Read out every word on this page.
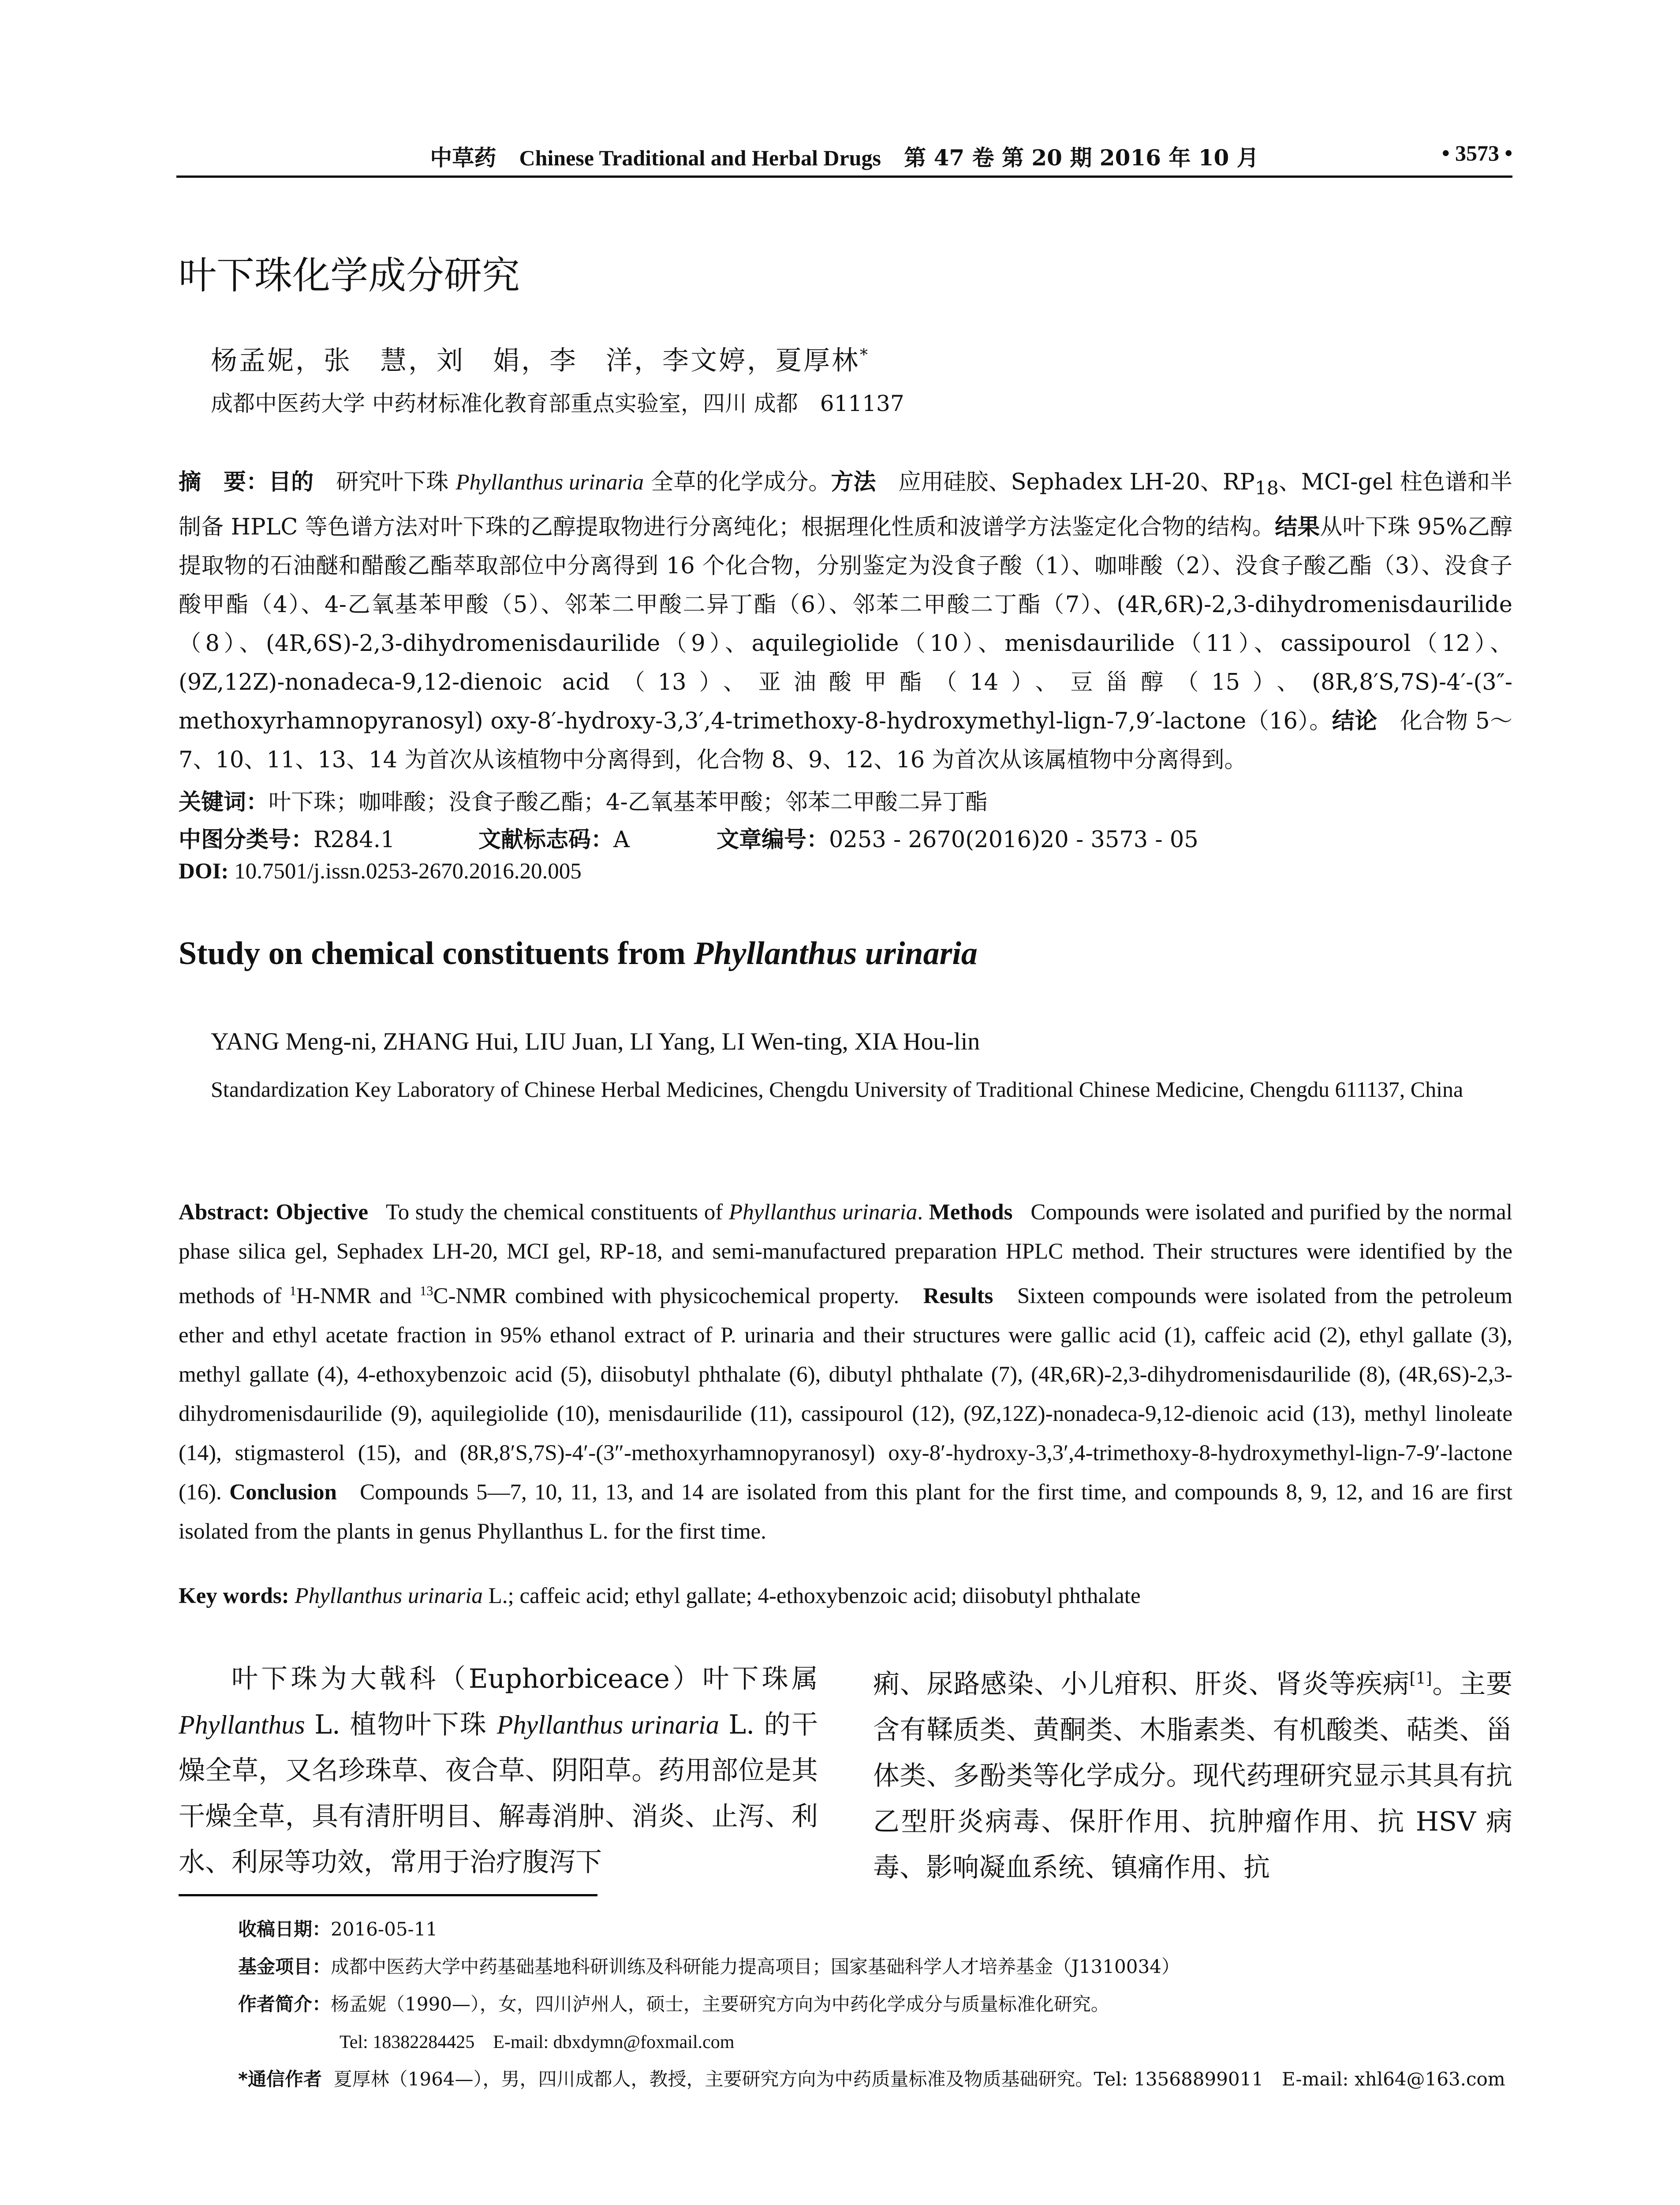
中草药 Chinese Traditional and Herbal Drugs 第 47 卷 第 20 期 2016 年 10 月	• 3573 •
叶下珠化学成分研究
杨孟妮，张　慧，刘　娟，李　洋，李文婷，夏厚林*
成都中医药大学 中药材标准化教育部重点实验室，四川 成都　611137
摘　要：目的　 研究叶下珠 Phyllanthus urinaria 全草的化学成分。方法　 应用硅胶、Sephadex LH-20、$RP_{18}$、MCI-gel 柱色谱和半制备 HPLC 等色谱方法对叶下珠的乙醇提取物进行分离纯化；根据理化性质和波谱学方法鉴定化合物的结构。结果从叶下珠 95%乙醇提取物的石油醚和醋酸乙酯萃取部位中分离得到 16 个化合物，分别鉴定为没食子酸（1）、咖啡酸（2）、没食子酸乙酯（3）、没食子酸甲酯（4）、4-乙氧基苯甲酸（5）、邻苯二甲酸二异丁酯（6）、邻苯二甲酸二丁酯（7）、(4R,6R)-2,3-dihydromenisdaurilide（8）、(4R,6S)-2,3-dihydromenisdaurilide（9）、aquilegiolide（10）、menisdaurilide（11）、cassipourol（12）、(9Z,12Z)-nonadeca-9,12-dienoic acid（13）、亚油酸甲酯（14）、豆甾醇（15）、(8R,8′S,7S)-4′-(3″-methoxyrhamnopyranosyl) oxy-8′-hydroxy-3,3′,4-trimethoxy-8-hydroxymethyl-lign-7,9′-lactone（16）。结论　 化合物 5～7、10、11、13、14 为首次从该植物中分离得到，化合物 8、9、12、16 为首次从该属植物中分离得到。
关键词：叶下珠；咖啡酸；没食子酸乙酯；4-乙氧基苯甲酸；邻苯二甲酸二异丁酯
中图分类号：R284.1	文献标志码：A	文章编号：0253 - 2670(2016)20 - 3573 - 05
DOI: 10.7501/j.issn.0253-2670.2016.20.005
Study on chemical constituents from Phyllanthus urinaria
YANG Meng-ni, ZHANG Hui, LIU Juan, LI Yang, LI Wen-ting, XIA Hou-lin
Standardization Key Laboratory of Chinese Herbal Medicines, Chengdu University of Traditional Chinese Medicine, Chengdu 611137, China
Abstract: Objective To study the chemical constituents of Phyllanthus urinaria. Methods Compounds were isolated and purified by the normal phase silica gel, Sephadex LH-20, MCI gel, RP-18, and semi-manufactured preparation HPLC method. Their structures were identified by the methods of $^1$H-NMR and $^{13}$C-NMR combined with physicochemical property. Results Sixteen compounds were isolated from the petroleum ether and ethyl acetate fraction in 95% ethanol extract of P. urinaria and their structures were gallic acid (1), caffeic acid (2), ethyl gallate (3), methyl gallate (4), 4-ethoxybenzoic acid (5), diisobutyl phthalate (6), dibutyl phthalate (7), (4R,6R)-2,3-dihydromenisdaurilide (8), (4R,6S)-2,3-dihydromenisdaurilide (9), aquilegiolide (10), menisdaurilide (11), cassipourol (12), (9Z,12Z)-nonadeca-9,12-dienoic acid (13), methyl linoleate (14), stigmasterol (15), and (8R,8′S,7S)-4′-(3″-methoxyrhamnopyranosyl) oxy-8′-hydroxy-3,3′,4-trimethoxy-8-hydroxymethyl-lign-7-9′-lactone (16). Conclusion Compounds 5—7, 10, 11, 13, and 14 are isolated from this plant for the first time, and compounds 8, 9, 12, and 16 are first isolated from the plants in genus Phyllanthus L. for the first time.
Key words: Phyllanthus urinaria L.; caffeic acid; ethyl gallate; 4-ethoxybenzoic acid; diisobutyl phthalate
叶下珠为大戟科（Euphorbiceace）叶下珠属 Phyllanthus L. 植物叶下珠 Phyllanthus urinaria L. 的干燥全草，又名珍珠草、夜合草、阴阳草。药用部位是其干燥全草，具有清肝明目、解毒消肿、消炎、止泻、利水、利尿等功效，常用于治疗腹泻下
痢、尿路感染、小儿疳积、肝炎、肾炎等疾病[1]。主要含有鞣质类、黄酮类、木脂素类、有机酸类、萜类、甾体类、多酚类等化学成分。现代药理研究显示其具有抗乙型肝炎病毒、保肝作用、抗肿瘤作用、抗 HSV 病毒、影响凝血系统、镇痛作用、抗
收稿日期：2016-05-11
基金项目：成都中医药大学中药基础基地科研训练及科研能力提高项目；国家基础科学人才培养基金（J1310034）
作者简介：杨孟妮（1990—），女，四川泸州人，硕士，主要研究方向为中药化学成分与质量标准化研究。
Tel: 18382284425　E-mail: dbxdymn@foxmail.com
*通信作者 夏厚林（1964—），男，四川成都人，教授，主要研究方向为中药质量标准及物质基础研究。Tel: 13568899011　E-mail: xhl64@163.com
